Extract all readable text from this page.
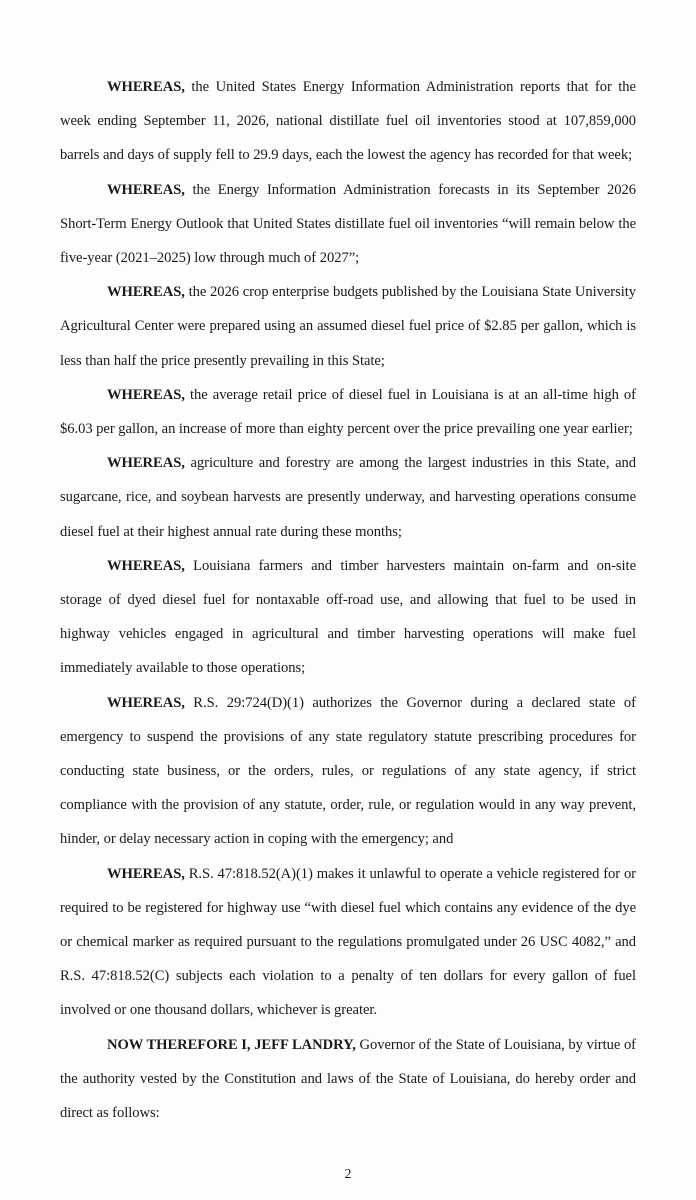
WHEREAS, the United States Energy Information Administration reports that for the week ending September 11, 2026, national distillate fuel oil inventories stood at 107,859,000 barrels and days of supply fell to 29.9 days, each the lowest the agency has recorded for that week;

WHEREAS, the Energy Information Administration forecasts in its September 2026 Short-Term Energy Outlook that United States distillate fuel oil inventories “will remain below the five-year (2021–2025) low through much of 2027”;

WHEREAS, the 2026 crop enterprise budgets published by the Louisiana State University Agricultural Center were prepared using an assumed diesel fuel price of $2.85 per gallon, which is less than half the price presently prevailing in this State;

WHEREAS, the average retail price of diesel fuel in Louisiana is at an all-time high of $6.03 per gallon, an increase of more than eighty percent over the price prevailing one year earlier;

WHEREAS, agriculture and forestry are among the largest industries in this State, and sugarcane, rice, and soybean harvests are presently underway, and harvesting operations consume diesel fuel at their highest annual rate during these months;

WHEREAS, Louisiana farmers and timber harvesters maintain on-farm and on-site storage of dyed diesel fuel for nontaxable off-road use, and allowing that fuel to be used in highway vehicles engaged in agricultural and timber harvesting operations will make fuel immediately available to those operations;

WHEREAS, R.S. 29:724(D)(1) authorizes the Governor during a declared state of emergency to suspend the provisions of any state regulatory statute prescribing procedures for conducting state business, or the orders, rules, or regulations of any state agency, if strict compliance with the provision of any statute, order, rule, or regulation would in any way prevent, hinder, or delay necessary action in coping with the emergency; and

WHEREAS, R.S. 47:818.52(A)(1) makes it unlawful to operate a vehicle registered for or required to be registered for highway use “with diesel fuel which contains any evidence of the dye or chemical marker as required pursuant to the regulations promulgated under 26 USC 4082,” and R.S. 47:818.52(C) subjects each violation to a penalty of ten dollars for every gallon of fuel involved or one thousand dollars, whichever is greater.

NOW THEREFORE I, JEFF LANDRY, Governor of the State of Louisiana, by virtue of the authority vested by the Constitution and laws of the State of Louisiana, do hereby order and direct as follows:

2
